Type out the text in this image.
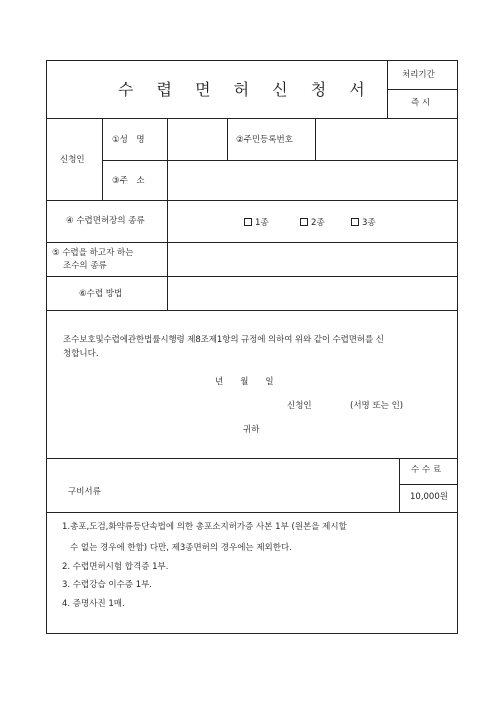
수 렵 면 허 신 청 서
처리기간
즉 시
신청인
①성　명	②주민등록번호
③주　소
④ 수렵면허장의 종류	1종	2종	3종
⑤ 수렵을 하고자 하는
조수의 종류
⑥수렵 방법
조수보호및수렵에관한법률시행령 제8조제1항의 규정에 의하여 위와 같이 수렵면허를 신
청합니다.
년　　월　　일
신청인	(서명 또는 인)
귀하
구비서류
수 수 료
10,000원
1.총포,도검,화약류등단속법에 의한 총포소지허가증 사본 1부 (원본을 제시할
수 없는 경우에 한함) 다만, 제3종면허의 경우에는 제외한다.
2. 수렵면허시험 합격증 1부.
3. 수렵강습 이수증 1부.
4. 증명사진 1매.
